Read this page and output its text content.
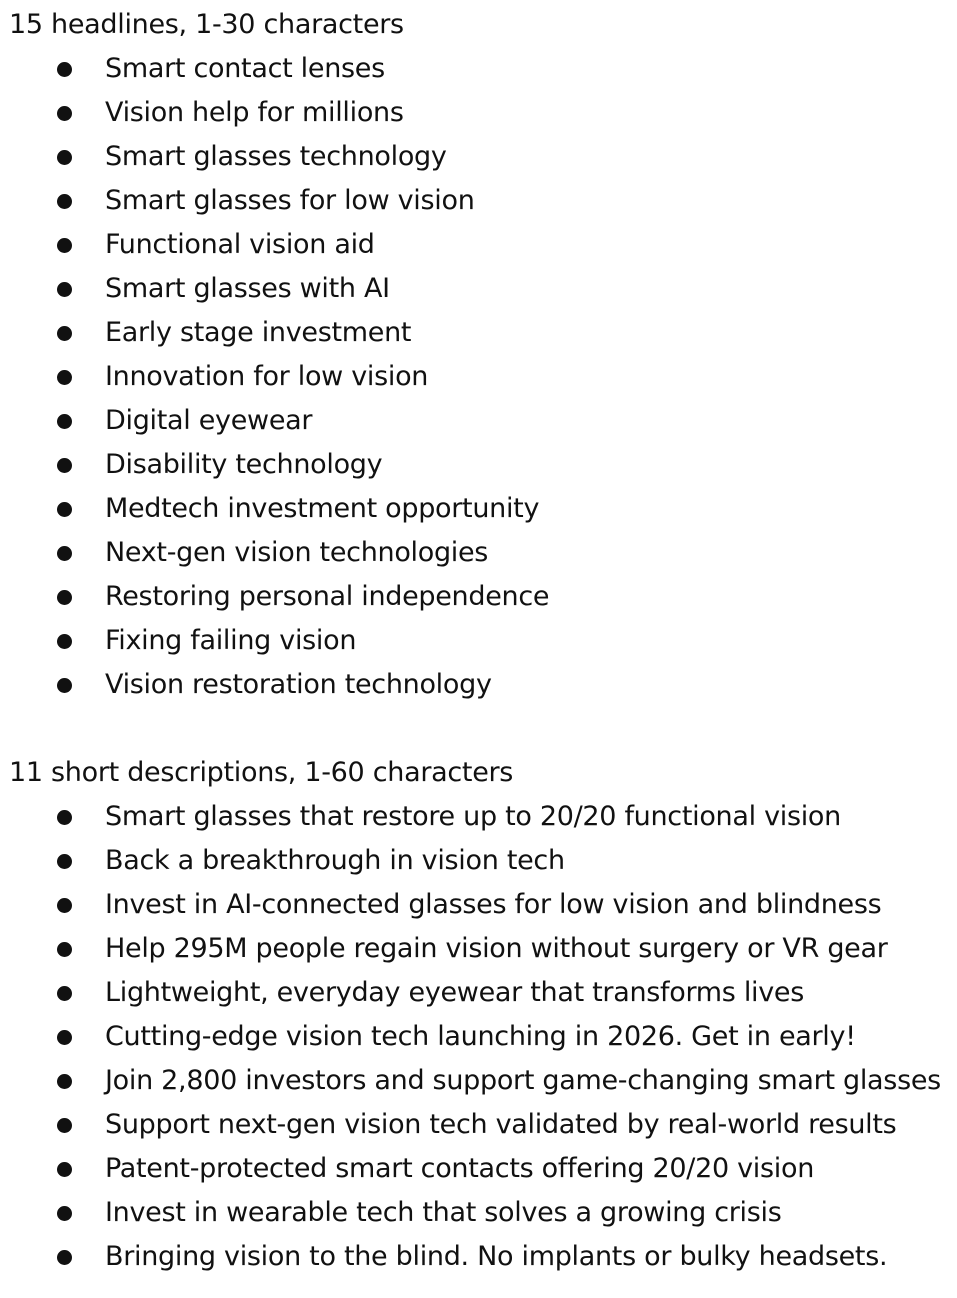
15 headlines, 1-30 characters
Smart contact lenses
Vision help for millions
Smart glasses technology
Smart glasses for low vision
Functional vision aid
Smart glasses with AI
Early stage investment
Innovation for low vision
Digital eyewear
Disability technology
Medtech investment opportunity
Next-gen vision technologies
Restoring personal independence
Fixing failing vision
Vision restoration technology
11 short descriptions, 1-60 characters
Smart glasses that restore up to 20/20 functional vision
Back a breakthrough in vision tech
Invest in AI-connected glasses for low vision and blindness
Help 295M people regain vision without surgery or VR gear
Lightweight, everyday eyewear that transforms lives
Cutting-edge vision tech launching in 2026. Get in early!
Join 2,800 investors and support game-changing smart glasses
Support next-gen vision tech validated by real-world results
Patent-protected smart contacts offering 20/20 vision
Invest in wearable tech that solves a growing crisis
Bringing vision to the blind. No implants or bulky headsets.
